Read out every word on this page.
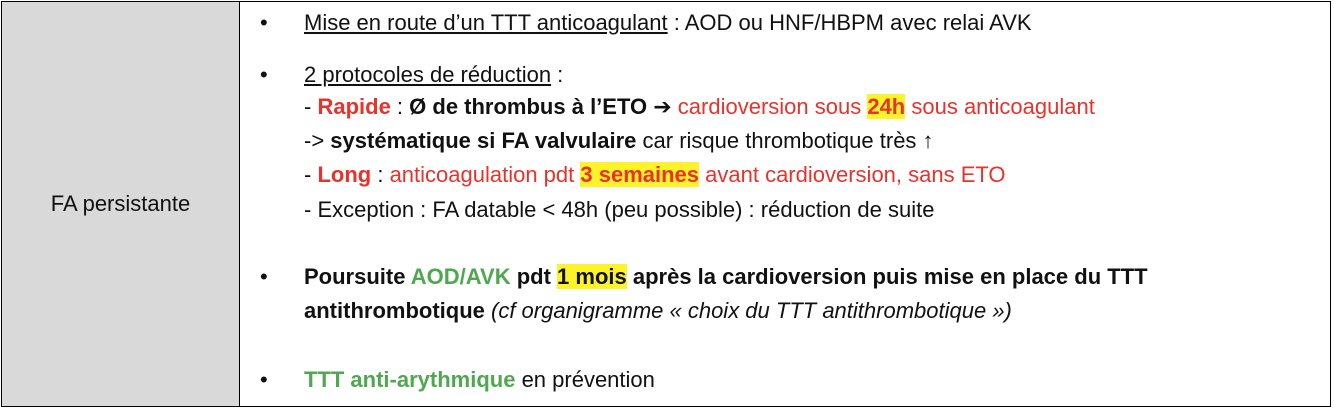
FA persistante
• Mise en route d’un TTT anticoagulant : AOD ou HNF/HBPM avec relai AVK
• 2 protocoles de réduction :
- Rapide : Ø de thrombus à l’ETO ➔ cardioversion sous 24h sous anticoagulant
-> systématique si FA valvulaire car risque thrombotique très ↑
- Long : anticoagulation pdt 3 semaines avant cardioversion, sans ETO
- Exception : FA datable < 48h (peu possible) : réduction de suite
• Poursuite AOD/AVK pdt 1 mois après la cardioversion puis mise en place du TTT
antithrombotique (cf organigramme « choix du TTT antithrombotique »)
• TTT anti-arythmique en prévention
